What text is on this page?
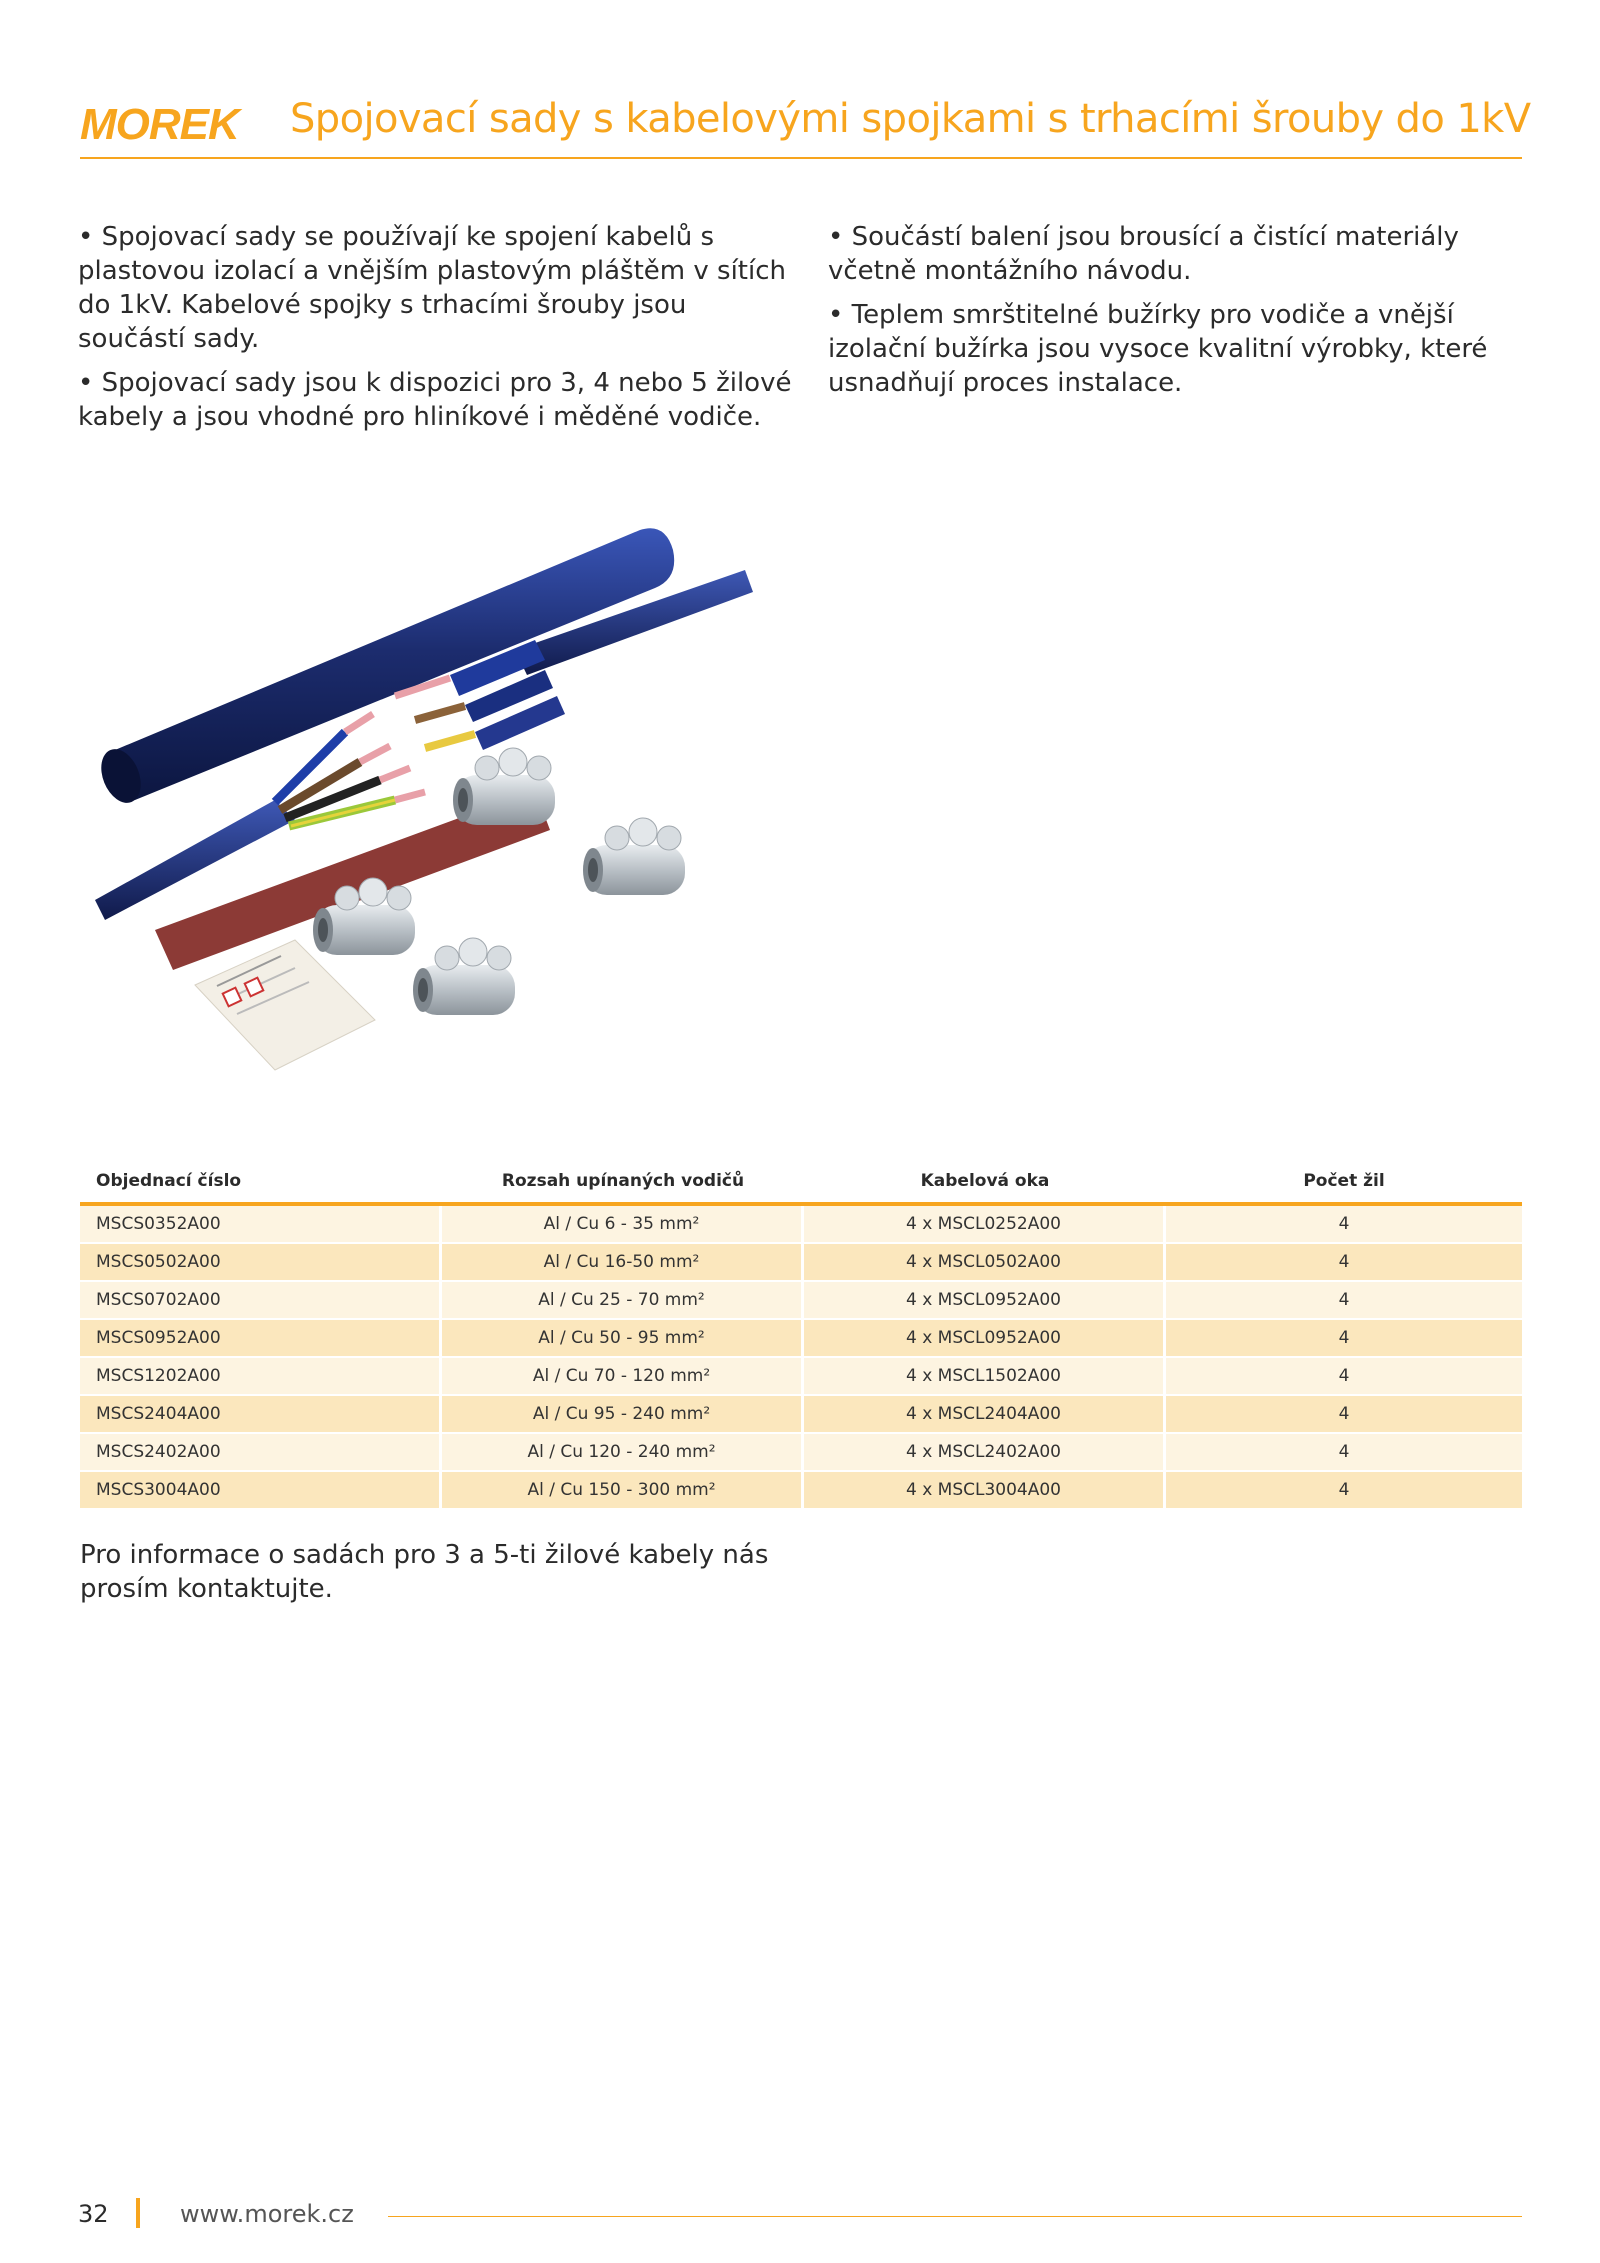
MOREK Spojovací sady s kabelovými spojkami s trhacími šrouby do 1kV

• Spojovací sady se používají ke spojení kabelů s plastovou izolací a vnějším plastovým pláštěm v sítích do 1kV. Kabelové spojky s trhacími šrouby jsou součástí sady.

• Spojovací sady jsou k dispozici pro 3, 4 nebo 5 žilové kabely a jsou vhodné pro hliníkové i měděné vodiče.

• Součástí balení jsou brousící a čistící materiály včetně montážního návodu.

• Teplem smrštitelné bužírky pro vodiče a vnější izolační bužírka jsou vysoce kvalitní výrobky, které usnadňují proces instalace.

Objednací číslo	Rozsah upínaných vodičů	Kabelová oka	Počet žil
MSCS0352A00	Al / Cu 6 - 35 mm²	4 x MSCL0252A00	4
MSCS0502A00	Al / Cu 16-50 mm²	4 x MSCL0502A00	4
MSCS0702A00	Al / Cu 25 - 70 mm²	4 x MSCL0952A00	4
MSCS0952A00	Al / Cu 50 - 95 mm²	4 x MSCL0952A00	4
MSCS1202A00	Al / Cu 70 - 120 mm²	4 x MSCL1502A00	4
MSCS2404A00	Al / Cu 95 - 240 mm²	4 x MSCL2404A00	4
MSCS2402A00	Al / Cu 120 - 240 mm²	4 x MSCL2402A00	4
MSCS3004A00	Al / Cu 150 - 300 mm²	4 x MSCL3004A00	4
Pro informace o sadách pro 3 a 5-ti žilové kabely nás prosím kontaktujte.
32	www.morek.cz
